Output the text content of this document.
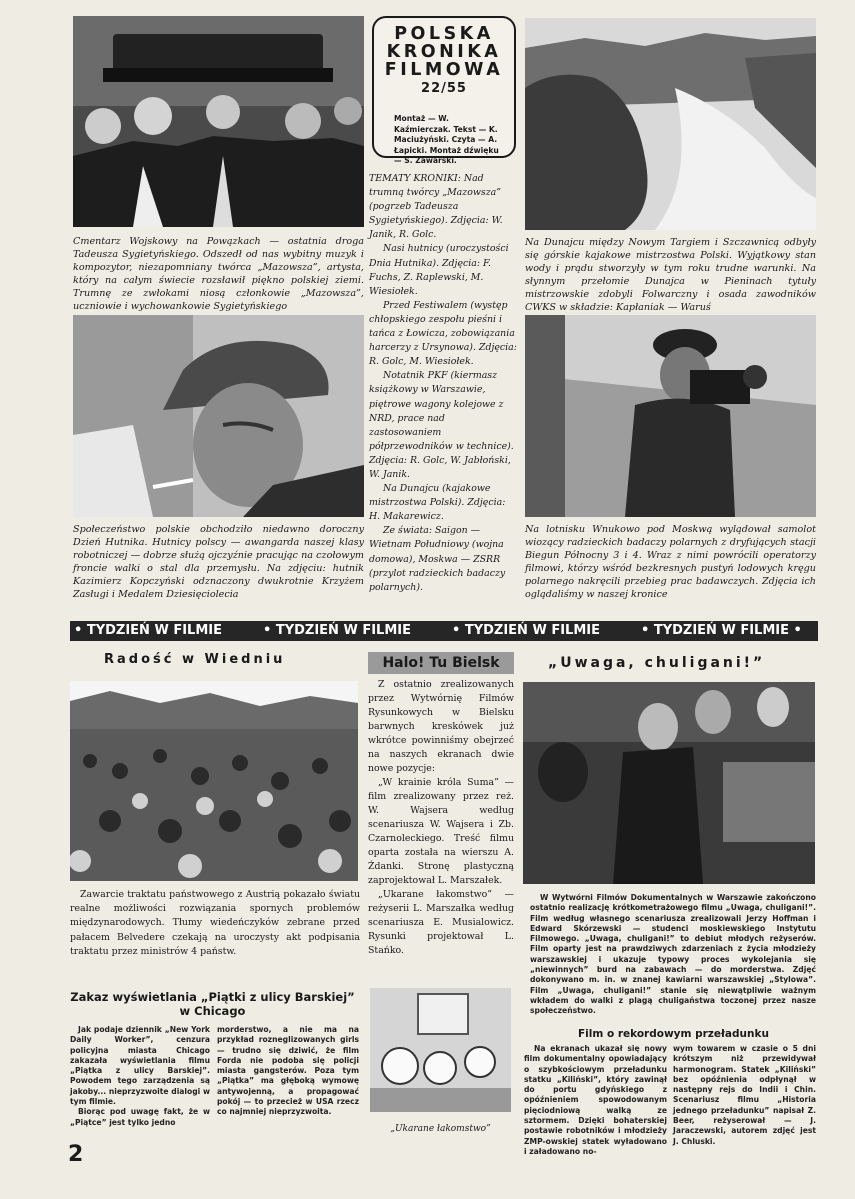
Cmentarz Wojskowy na Powązkach — ostatnia droga Tadeusza Sygietyńskiego. Odszedł od nas wybitny muzyk i kompozytor, niezapomniany twórca „Mazowsza”, artysta, który na całym świecie rozsławił piękno polskiej ziemi. Trumnę ze zwłokami niosą członkowie „Mazowsza”, uczniowie i wychowankowie Sygietyńskiego
POLSKA
KRONIKA
FILMOWA
22/55
Montaż — W. Kaźmierczak. Tekst — K. Maciużyński. Czyta — A. Łapicki. Montaż dźwięku — S. Zawarski.

TEMATY KRONIKI: Nad trumną twórcy „Mazowsza” (pogrzeb Tadeusza Sygietyńskiego). Zdjęcia: W. Janik, R. Golc.

Nasi hutnicy (uroczystości Dnia Hutnika). Zdjęcia: F. Fuchs, Z. Raplewski, M. Wiesiołek.

Przed Festiwalem (występ chłopskiego zespołu pieśni i tańca z Łowicza, zobowiązania harcerzy z Ursynowa). Zdjęcia: R. Golc, M. Wiesiołek.

Notatnik PKF (kiermasz książkowy w Warszawie, piętrowe wagony kolejowe z NRD, prace nad zastosowaniem półprzewodników w technice). Zdjęcia: R. Golc, W. Jabłoński, W. Janik.

Na Dunajcu (kajakowe mistrzostwa Polski). Zdjęcia: H. Makarewicz.

Ze świata: Saigon — Wietnam Południowy (wojna domowa), Moskwa — ZSRR (przylot radzieckich badaczy polarnych).

Na Dunajcu między Nowym Targiem i Szczawnicą odbyły się górskie kajakowe mistrzostwa Polski. Wyjątkowy stan wody i prądu stworzyły w tym roku trudne warunki. Na słynnym przełomie Dunajca w Pieninach tytuły mistrzowskie zdobyli Folwarczny i osada zawodników CWKS w składzie: Kapłaniak — Waruś
Społeczeństwo polskie obchodziło niedawno doroczny Dzień Hutnika. Hutnicy polscy — awangarda naszej klasy robotniczej — dobrze służą ojczyźnie pracując na czołowym froncie walki o stal dla przemysłu. Na zdjęciu: hutnik Kazimierz Kopczyński odznaczony dwukrotnie Krzyżem Zasługi i Medalem Dziesięciolecia
Na lotnisku Wnukowo pod Moskwą wylądował samolot wiozący radzieckich badaczy polarnych z dryfujących stacji Biegun Północny 3 i 4. Wraz z nimi powrócili operatorzy filmowi, którzy wśród bezkresnych pustyń lodowych kręgu polarnego nakręcili przebieg prac badawczych. Zdjęcia ich oglądaliśmy w naszej kronice
• TYDZIEŃ W FILMIE	• TYDZIEŃ W FILMIE	• TYDZIEŃ W FILMIE	• TYDZIEŃ W FILMIE •
Radość w Wiedniu
Zawarcie traktatu państwowego z Austrią pokazało światu realne możliwości rozwiązania spornych problemów międzynarodowych. Tłumy wiedeńczyków zebrane przed pałacem Belvedere czekają na uroczysty akt podpisania traktatu przez ministrów 4 państw.
Halo! Tu Bielsk

Z ostatnio zrealizowanych przez Wytwórnię Filmów Rysunkowych w Bielsku barwnych kreskówek już wkrótce powinniśmy obejrzeć na naszych ekranach dwie nowe pozycje:

„W krainie króla Suma” — film zrealizowany przez reż. W. Wajsera według scenariusza W. Wajsera i Zb. Czarnoleckiego. Treść filmu oparta została na wierszu A. Żdanki. Stronę plastyczną zaprojektował L. Marszałek.

„Ukarane łakomstwo” — reżyserii L. Marszałka według scenariusza E. Musialowicz. Rysunki projektował L. Stańko.

„Ukarane łakomstwo”
„Uwaga, chuligani!”
W Wytwórni Filmów Dokumentalnych w Warszawie zakończono ostatnio realizację krótkometrażowego filmu „Uwaga, chuligani!”. Film według własnego scenariusza zrealizowali Jerzy Hoffman i Edward Skórzewski — studenci moskiewskiego Instytutu Filmowego. „Uwaga, chuligani!” to debiut młodych reżyserów. Film oparty jest na prawdziwych zdarzeniach z życia młodzieży warszawskiej i ukazuje typowy proces wykolejania się „niewinnych” burd na zabawach — do morderstwa. Zdjęć dokonywano m. in. w znanej kawiarni warszawskiej „Stylowa”. Film „Uwaga, chuligani!” stanie się niewątpliwie ważnym wkładem do walki z plagą chuligaństwa toczonej przez naszе społeczeństwo.
Zakaz wyświetlania „Piątki z ulicy Barskiej”
w Chicago

Jak podaje dziennik „New York Daily Worker”, cenzura policyjna miasta Chicago zakazała wyświetlania filmu „Piątka z ulicy Barskiej”. Powodem tego zarządzenia są jakoby... nieprzyzwoite dialogi w tym filmie.

Biorąc pod uwagę fakt, że w „Piątce” jest tylko jedno

morderstwo, a nie ma na przykład rozneglizowanych girls — trudno się dziwić, że film Forda nie podoba się policji miasta gangsterów. Poza tym „Piątka” ma głęboką wymowę antywojenną, a propagować pokój — to przecież w USA rzecz co najmniej nieprzyzwoita.
Film o rekordowym przeładunku
Na ekranach ukazał się nowy film dokumentalny opowiadający o szybkościowym przeładunku statku „Kiliński”, który zawinął do portu gdyńskiego z opóźnieniem spowodowanym pięciodniową walką ze sztormem. Dzięki bohaterskiej postawie robotników i młodzieży ZMP-owskiej statek wyładowano i załadowano no-
wym towarem w czasie o 5 dni krótszym niż przewidywał harmonogram. Statek „Kiliński” bez opóźnienia odpłynął w następny rejs do Indii i Chin. Scenariusz filmu „Historia jednego przeładunku” napisał Z. Beer, reżyserował — J. Jaraczewski, autorem zdjęć jest J. Chluski.
2
